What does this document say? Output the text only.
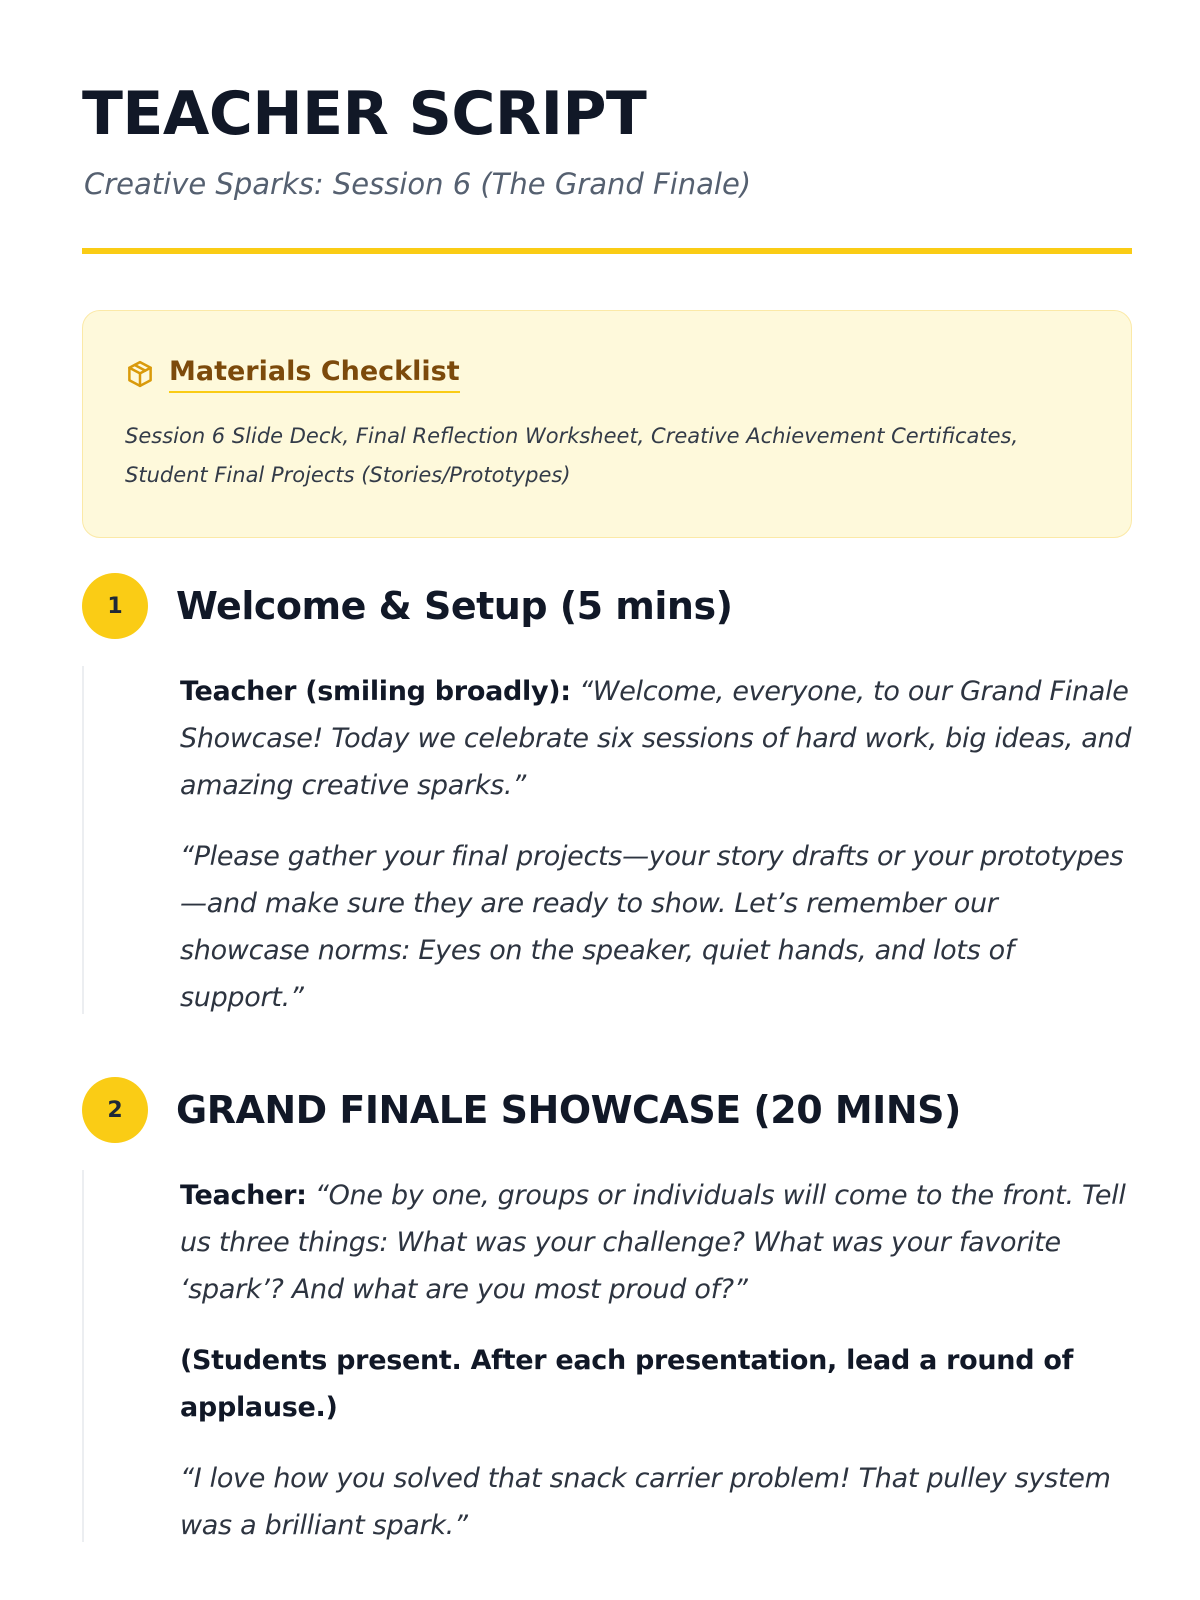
TEACHER SCRIPT
Creative Sparks: Session 6 (The Grand Finale)
Materials Checklist

Session 6 Slide Deck, Final Reflection Worksheet, Creative Achievement Certificates, Student Final Projects (Stories/Prototypes)

1	Welcome & Setup (5 mins)

Teacher (smiling broadly): “Welcome, everyone, to our Grand Finale Showcase! Today we celebrate six sessions of hard work, big ideas, and amazing creative sparks.”

“Please gather your final projects—your story drafts or your prototypes—and make sure they are ready to show. Let’s remember our showcase norms: Eyes on the speaker, quiet hands, and lots of support.”

2	GRAND FINALE SHOWCASE (20 MINS)

Teacher: “One by one, groups or individuals will come to the front. Tell us three things: What was your challenge? What was your favorite ‘spark’? And what are you most proud of?”

(Students present. After each presentation, lead a round of applause.)

“I love how you solved that snack carrier problem! That pulley system was a brilliant spark.”
